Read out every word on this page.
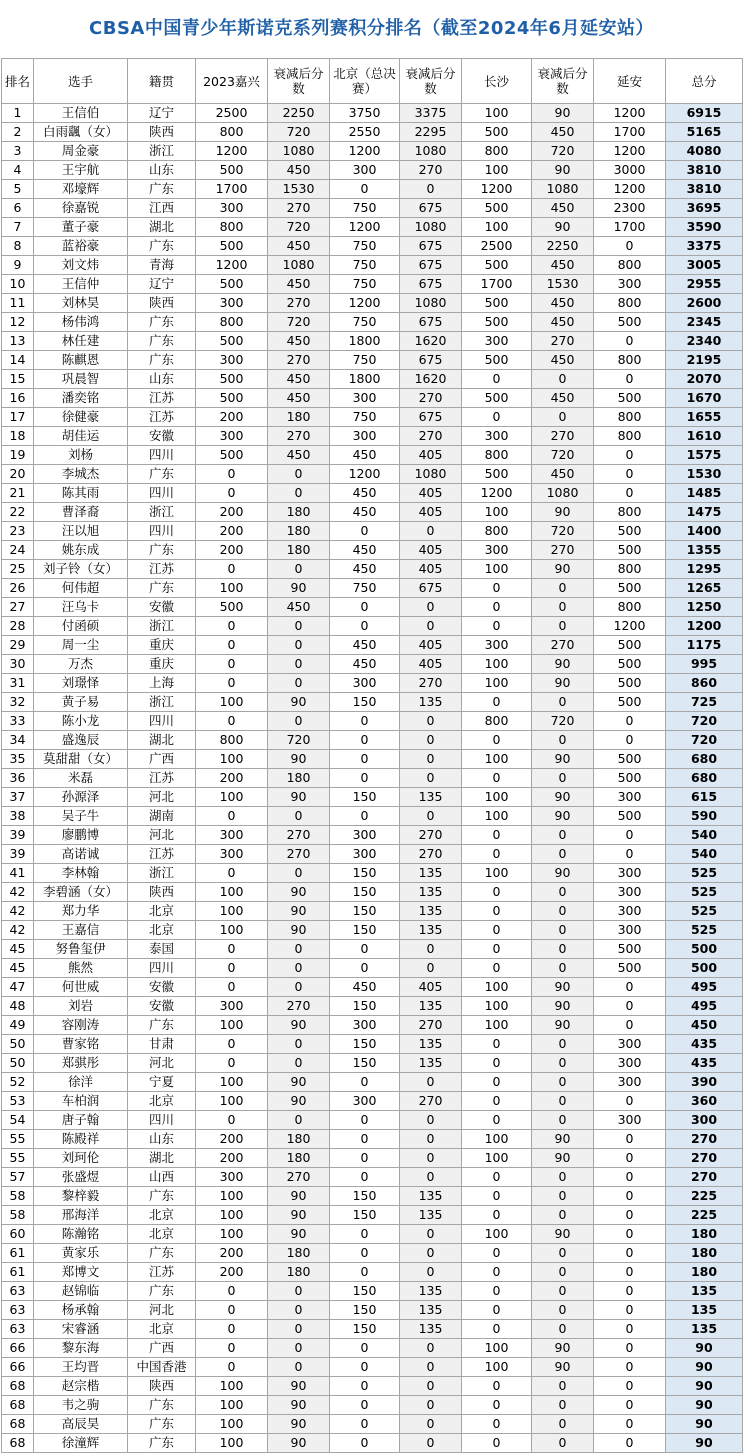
CBSA中国青少年斯诺克系列赛积分排名（截至2024年6月延安站）
排名	选手	籍贯	2023嘉兴	衰减后分数	北京（总决赛）	衰减后分数	长沙	衰减后分数	延安	总分
1	王信伯	辽宁	2500	2250	3750	3375	100	90	1200	6915
2	白雨颻（女）	陕西	800	720	2550	2295	500	450	1700	5165
3	周金豪	浙江	1200	1080	1200	1080	800	720	1200	4080
4	王宇航	山东	500	450	300	270	100	90	3000	3810
5	邓壕辉	广东	1700	1530	0	0	1200	1080	1200	3810
6	徐嘉锐	江西	300	270	750	675	500	450	2300	3695
7	董子豪	湖北	800	720	1200	1080	100	90	1700	3590
8	蓝裕豪	广东	500	450	750	675	2500	2250	0	3375
9	刘文炜	青海	1200	1080	750	675	500	450	800	3005
10	王信仲	辽宁	500	450	750	675	1700	1530	300	2955
11	刘林昊	陕西	300	270	1200	1080	500	450	800	2600
12	杨伟鸿	广东	800	720	750	675	500	450	500	2345
13	林任建	广东	500	450	1800	1620	300	270	0	2340
14	陈麒恩	广东	300	270	750	675	500	450	800	2195
15	巩晨智	山东	500	450	1800	1620	0	0	0	2070
16	潘奕铭	江苏	500	450	300	270	500	450	500	1670
17	徐健豪	江苏	200	180	750	675	0	0	800	1655
18	胡佳运	安徽	300	270	300	270	300	270	800	1610
19	刘杨	四川	500	450	450	405	800	720	0	1575
20	李城杰	广东	0	0	1200	1080	500	450	0	1530
21	陈其雨	四川	0	0	450	405	1200	1080	0	1485
22	曹泽裔	浙江	200	180	450	405	100	90	800	1475
23	汪以旭	四川	200	180	0	0	800	720	500	1400
24	姚东成	广东	200	180	450	405	300	270	500	1355
25	刘子铃（女）	江苏	0	0	450	405	100	90	800	1295
26	何伟超	广东	100	90	750	675	0	0	500	1265
27	汪乌卡	安徽	500	450	0	0	0	0	800	1250
28	付函硕	浙江	0	0	0	0	0	0	1200	1200
29	周一尘	重庆	0	0	450	405	300	270	500	1175
30	万杰	重庆	0	0	450	405	100	90	500	995
31	刘璟怿	上海	0	0	300	270	100	90	500	860
32	黄子易	浙江	100	90	150	135	0	0	500	725
33	陈小龙	四川	0	0	0	0	800	720	0	720
34	盛逸辰	湖北	800	720	0	0	0	0	0	720
35	莫甜甜（女）	广西	100	90	0	0	100	90	500	680
36	米磊	江苏	200	180	0	0	0	0	500	680
37	孙源泽	河北	100	90	150	135	100	90	300	615
38	吴子牛	湖南	0	0	0	0	100	90	500	590
39	廖鹏博	河北	300	270	300	270	0	0	0	540
39	高诺诚	江苏	300	270	300	270	0	0	0	540
41	李林翰	浙江	0	0	150	135	100	90	300	525
42	李碧涵（女）	陕西	100	90	150	135	0	0	300	525
42	郑力华	北京	100	90	150	135	0	0	300	525
42	王嘉信	北京	100	90	150	135	0	0	300	525
45	努鲁玺伊	泰国	0	0	0	0	0	0	500	500
45	熊然	四川	0	0	0	0	0	0	500	500
47	何世威	安徽	0	0	450	405	100	90	0	495
48	刘岩	安徽	300	270	150	135	100	90	0	495
49	容刚涛	广东	100	90	300	270	100	90	0	450
50	曹家铭	甘肃	0	0	150	135	0	0	300	435
50	郑骐彤	河北	0	0	150	135	0	0	300	435
52	徐洋	宁夏	100	90	0	0	0	0	300	390
53	车柏润	北京	100	90	300	270	0	0	0	360
54	唐子翰	四川	0	0	0	0	0	0	300	300
55	陈殿祥	山东	200	180	0	0	100	90	0	270
55	刘珂伦	湖北	200	180	0	0	100	90	0	270
57	张盛煜	山西	300	270	0	0	0	0	0	270
58	黎梓毅	广东	100	90	150	135	0	0	0	225
58	邢海洋	北京	100	90	150	135	0	0	0	225
60	陈瀚铭	北京	100	90	0	0	100	90	0	180
61	黄家乐	广东	200	180	0	0	0	0	0	180
61	郑博文	江苏	200	180	0	0	0	0	0	180
63	赵锦临	广东	0	0	150	135	0	0	0	135
63	杨承翰	河北	0	0	150	135	0	0	0	135
63	宋睿涵	北京	0	0	150	135	0	0	0	135
66	黎东海	广西	0	0	0	0	100	90	0	90
66	王均晋	中国香港	0	0	0	0	100	90	0	90
68	赵宗楷	陕西	100	90	0	0	0	0	0	90
68	韦之驹	广东	100	90	0	0	0	0	0	90
68	高辰昊	广东	100	90	0	0	0	0	0	90
68	徐潼辉	广东	100	90	0	0	0	0	0	90
